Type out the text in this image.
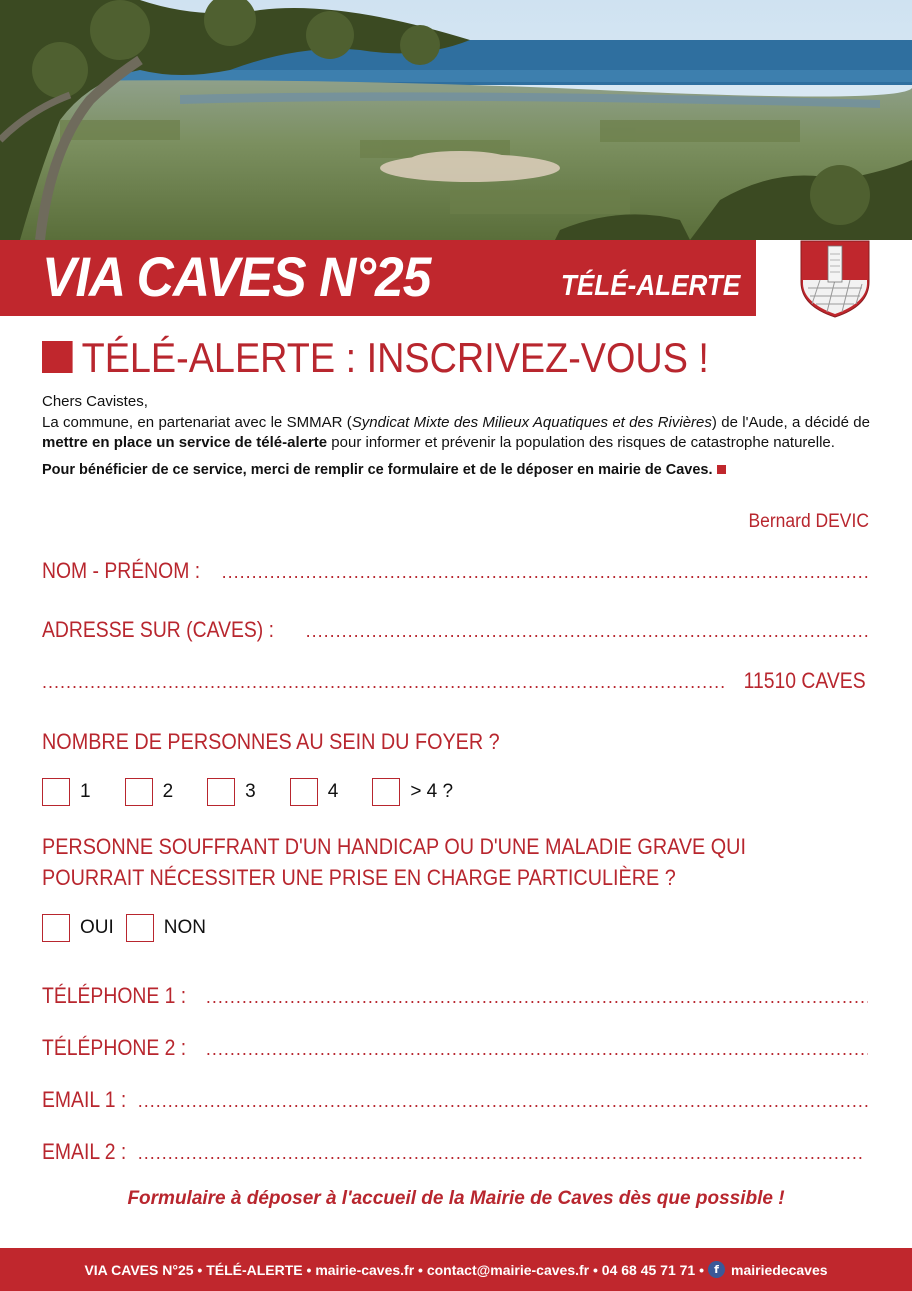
VIA CAVES N°25	TÉLÉ-ALERTE
TÉLÉ-ALERTE : INSCRIVEZ-VOUS !

Chers Cavistes,

La commune, en partenariat avec le SMMAR (Syndicat Mixte des Milieux Aquatiques et des Rivières) de l'Aude, a décidé de mettre en place un service de télé-alerte pour informer et prévenir la population des risques de catastrophe naturelle.

Pour bénéficier de ce service, merci de remplir ce formulaire et de le déposer en mairie de Caves.

Bernard DEVIC
NOM - PRÉNOM :
.....
ADRESSE SUR (CAVES) :
.....
.....
11510 CAVES
NOMBRE DE PERSONNES AU SEIN DU FOYER ?
1	2	3	4	> 4 ?
PERSONNE SOUFFRANT D'UN HANDICAP OU D'UNE MALADIE GRAVE QUI POURRAIT NÉCESSITER UNE PRISE EN CHARGE PARTICULIÈRE ?
OUI	NON
TÉLÉPHONE 1 :
.....
TÉLÉPHONE 2 :
.....
EMAIL 1 :
.....
EMAIL 2 :
.....
Formulaire à déposer à l'accueil de la Mairie de Caves dès que possible !
VIA CAVES N°25 • TÉLÉ-ALERTE • mairie-caves.fr • contact@mairie-caves.fr • 04 68 45 71 71 • f mairiedecaves
